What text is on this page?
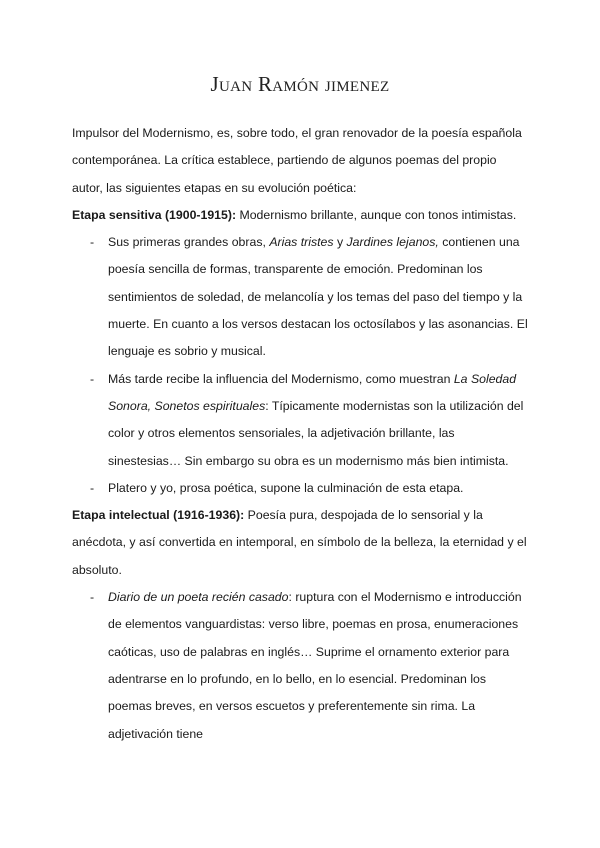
Juan Ramón jimenez

Impulsor del Modernismo, es, sobre todo, el gran renovador de la poesía española contemporánea. La crítica establece, partiendo de algunos poemas del propio autor, las siguientes etapas en su evolución poética:

Etapa sensitiva (1900-1915): Modernismo brillante, aunque con tonos intimistas.

- Sus primeras grandes obras, Arias tristes y Jardines lejanos, contienen una poesía sencilla de formas, transparente de emoción. Predominan los sentimientos de soledad, de melancolía y los temas del paso del tiempo y la muerte. En cuanto a los versos destacan los octosílabos y las asonancias. El lenguaje es sobrio y musical.
- Más tarde recibe la influencia del Modernismo, como muestran La Soledad Sonora, Sonetos espirituales: Típicamente modernistas son la utilización del color y otros elementos sensoriales, la adjetivación brillante, las sinestesias… Sin embargo su obra es un modernismo más bien intimista.
- Platero y yo, prosa poética, supone la culminación de esta etapa.

Etapa intelectual (1916-1936): Poesía pura, despojada de lo sensorial y la anécdota, y así convertida en intemporal, en símbolo de la belleza, la eternidad y el absoluto.

- Diario de un poeta recién casado: ruptura con el Modernismo e introducción de elementos vanguardistas: verso libre, poemas en prosa, enumeraciones caóticas, uso de palabras en inglés… Suprime el ornamento exterior para adentrarse en lo profundo, en lo bello, en lo esencial. Predominan los poemas breves, en versos escuetos y preferentemente sin rima. La adjetivación tiene
